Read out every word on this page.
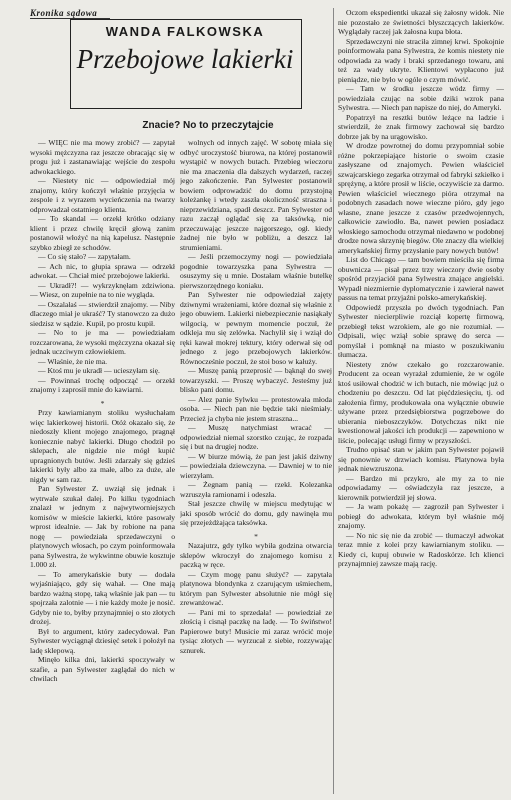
Kronika sądowa
WANDA FALKOWSKA
Przebojowe lakierki
Znacie? No to przeczytajcie

— WIĘC nie ma mowy zrobić? — zapytał wysoki mężczyzna raz jeszcze obracając się w progu już i zastanawiając wejście do zespołu adwokackiego.

— Niestety nic — odpowiedział mój znajomy, który kończył właśnie przyjęcia w zespole i z wyrazem wycieńczenia na twarzy odprowadzał ostatniego klienta.

— To skandal — orzekł krótko odziany klient i przez chwilę kręcił głową zanim postanowił włożyć na nią kapelusz. Następnie szybko zbiegł ze schodów.

— Co się stało? — zapytałam.

— Ach nic, to głupia sprawa — odrzekł adwokat. — Chciał mieć przebojowe lakierki.

— Ukradł?! — wykrzyknęłam zdziwiona. — Wiesz, on zupełnie na to nie wygląda.

— Oszalałaś — stwierdził znajomy. — Niby dlaczego miał je ukraść? Ty stanowczo za dużo siedzisz w sądzie. Kupił, po prostu kupił.

— No to je ma — powiedziałam rozczarowana, że wysoki mężczyzna okazał się jednak uczciwym człowiekiem.

— Właśnie, że nie ma.

— Ktoś mu je ukradł — ucieszyłam się.

— Powinnaś trochę odpocząć — orzekł znajomy i zaprosił mnie do kawiarni.

*

Przy kawiarnianym stoliku wysłuchałam więc lakierkowej historii. Otóż okazało się, że niedoszły klient mojego znajomego, pragnął koniecznie nabyć lakierki. Długo chodził po sklepach, ale nigdzie nie mógł kupić upragnionych butów. Jeśli zdarzały się gdzieś lakierki były albo za małe, albo za duże, ale nigdy w sam raz.

Pan Sylwester Z. uwziął się jednak i wytrwale szukał dalej. Po kilku tygodniach znalazł w jednym z najwytworniejszych komisów w mieście lakierki, które pasowały wprost idealnie. — Jak by robione na pana nogę — powiedziała sprzedawczyni o platynowych włosach, po czym poinformowała pana Sylwestra, że wykwintne obuwie kosztuje 1.000 zł.

— To amerykańskie buty — dodała wyjaśniająco, gdy się wahał. — One mają bardzo ważną stopę, taką właśnie jak pan — tu spojrzała zalotnie — i nie każdy może je nosić. Gdyby nie to, byłby przynajmniej o sto złotych drożej.

Był to argument, który zadecydował. Pan Sylwester wyciągnął dziesięć setek i położył na ladę sklepową.

Minęło kilka dni, lakierki spoczywały w szafie, a pan Sylwester zaglądał do nich w chwilach

wolnych od innych zajęć. W sobotę miała się odbyć uroczystość biurowa, na której postanowił wystąpić w nowych butach. Przebieg wieczoru nie ma znaczenia dla dalszych wydarzeń, raczej jego zakończenie. Pan Sylwester postanowił bowiem odprowadzić do domu przystojną koleżankę i wtedy zaszła okoliczność straszna i nieprzewidziana, spadł deszcz. Pan Sylwester od razu zaczął oglądać się za taksówką, nie przeczuwając jeszcze najgorszego, ogł. kiedy żadnej nie było w pobliżu, a deszcz lał strumieniami.

— Jeśli przemoczymy nogi — powiedziała pogodnie towarzyszka pana Sylwestra — osuszymy się u mnie. Dostałam właśnie butelkę pierwszorzędnego koniaku.

Pan Sylwester nie odpowiedział zajęty dziwnymi wrażeniami, które doznał się właśnie z jego obuwiem. Lakierki niebezpiecznie nasiąkały wilgocią, w pewnym momencie poczuł, że odkleja mu się zelówka. Nachylił się i wziął do ręki kawał mokrej tektury, który oderwał się od jednego z jego przebojowych lakierków. Równocześnie poczuł, że stoi boso w kałuży.

— Muszę panią przeprosić — bąknął do swej towarzyszki. — Proszę wybaczyć. Jesteśmy już blisko pani domu.

— Alez panie Sylwku — protestowała młoda osoba. — Niech pan nie będzie taki nieśmiały. Przecież ja chyba nie jestem straszna...

— Muszę natychmiast wracać — odpowiedział niemal szorstko czując, że rozpada się i but na drugiej nodze.

— W biurze mówią, że pan jest jakiś dziwny — powiedziała dziewczyna. — Dawniej w to nie wierzyłam.

— Żegnam panią — rzekł. Kolezanka wzruszyła ramionami i odeszła.

Stał jeszcze chwilę w miejscu medytując w jaki sposób wrócić do domu, gdy nawinęła mu się przejeżdżająca taksówka.

*

Nazajutrz, gdy tylko wybiła godzina otwarcia sklepów wkroczył do znajomego komisu z paczką w ręce.

— Czym mogę panu służyć? — zapytała platynowa blondynka z czarującym uśmiechem, którym pan Sylwester absolutnie nie mógł się zrewanżować.

— Pani mi to sprzedała! — powiedział ze złością i cisnął paczkę na ladę. — To świństwo! Papierowe buty! Musicie mi zaraz wrócić moje tysiąc złotych — wyrzucał z siebie, rozzywając sznurek.

Oczom ekspedientki ukazał się żałosny widok. Nie nie pozostało ze świetności błyszczących lakierków. Wyglądały raczej jak żałosna kupa błota.

Sprzedawczyni nie straciła zimnej krwi. Spokojnie poinformowała pana Sylwestra, że komis niestety nie odpowiada za wady i braki sprzedanego towaru, ani też za wady ukryte. Klientowi wypłacono już pieniądze, nie było w ogóle o czym mówić.

— Tam w środku jeszcze wódz firmy — powiedziała czując na sobie dziki wzrok pana Sylwestra. — Niech pan napisze do niej, do Ameryki.

Popatrzył na resztki butów leżące na ladzie i stwierdził, że znak firmowy zachował się bardzo dobrze jak by na urągowisko.

W drodze powrotnej do domu przypomniał sobie różne pokrzepiające historie o swoim czasie zasłyszane od znajomych. Pewien właściciel szwajcarskiego zegarka otrzymał od fabryki szkiełko i sprężynę, a które prosił w liście, oczywiście za darmo. Pewien właściciel wiecznego pióra otrzymał na podobnych zasadach nowe wieczne pióro, gdy jego własne, znane jeszcze z czasów przedwojennych, całkowicie zawiodło. Ba, nawet pewien posiadacz włoskiego samochodu otrzymał niedawno w podobnej drodze nowa skrzynię biegów. Ole znaczy dla wielkiej amerykańskiej firmy przysłanie pary nowych butów!

List do Chicago — tam bowiem mieściła się firma obuwnicza — pisał przez trzy wieczory dwie osoby spośród przyjaciół pana Sylwestra znające angielski. Wypadł niezmiernie dyplomatycznie i zawierał nawet passus na temat przyjaźni polsko-amerykańskiej.

Odpowiedź przyszła po dwóch tygodniach. Pan Sylwester niecierpliwie rozciął kopertę firmową, przebiegł tekst wzrokiem, ale go nie rozumiał. — Odpisali, więc wziął sobie sprawę do serca — pomyślał i pomknął na miasto w poszukiwaniu tłumacza.

Niestety znów czekało go rozczarowanie. Producent za ocean wyrażał zdumienie, że w ogóle ktoś usiłował chodzić w ich butach, nie mówiąc już o chodzeniu po deszczu. Od lat pięćdziesięciu, tj. od założenia firmy, produkowała ona wyłącznie obuwie używane przez przedsiębiorstwa pogrzebowe do ubierania nieboszczyków. Dotychczas nikt nie kwestionował jakości ich produkcji — zapewniono w liście, polecając usługi firmy w przyszłości.

Trudno opisać stan w jakim pan Sylwester pojawił się ponownie w drzwiach komisu. Platynowa była jednak niewzruszona.

— Bardzo mi przykro, ale my za to nie odpowiadamy — oświadczyła raz jeszcze, a kierownik potwierdził jej słowa.

— Ja wam pokażę — zagroził pan Sylwester i pobiegł do adwokata, którym był właśnie mój znajomy.

— No nic się nie da zrobić — tłumaczył adwokat teraz mnie z kolei przy kawiarnianym stoliku. — Kiedy ci, kupuj obuwie w Radoskórze. Ich klienci przynajmniej zawsze mają rację.
